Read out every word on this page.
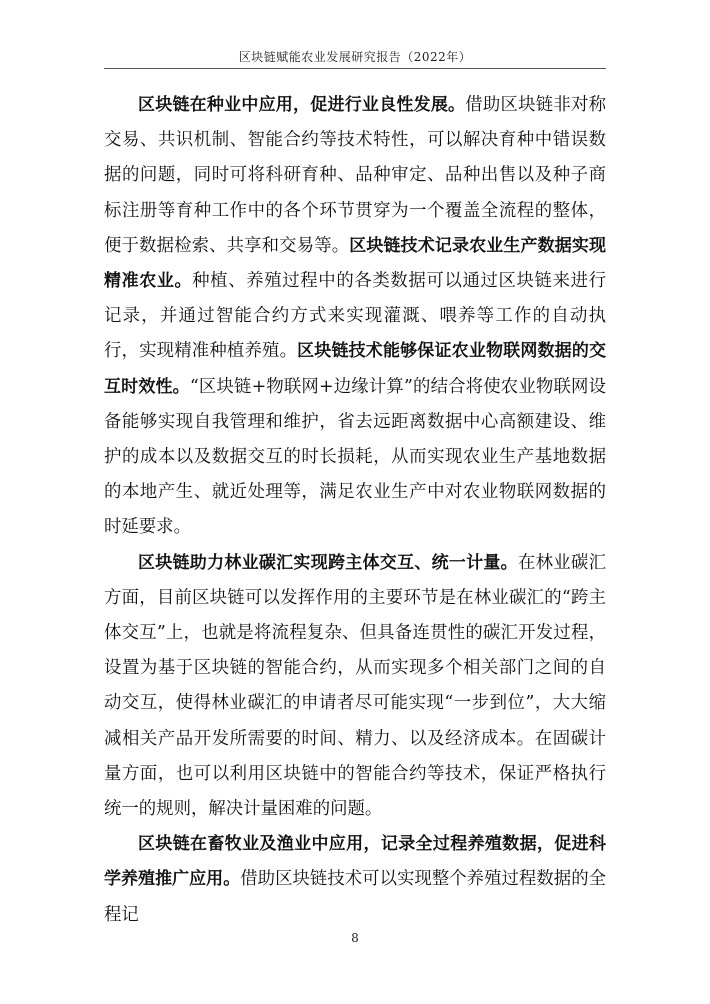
区块链赋能农业发展研究报告（2022年）

区块链在种业中应用，促进行业良性发展。借助区块链非对称交易、共识机制、智能合约等技术特性，可以解决育种中错误数据的问题，同时可将科研育种、品种审定、品种出售以及种子商标注册等育种工作中的各个环节贯穿为一个覆盖全流程的整体，便于数据检索、共享和交易等。区块链技术记录农业生产数据实现精准农业。种植、养殖过程中的各类数据可以通过区块链来进行记录，并通过智能合约方式来实现灌溉、喂养等工作的自动执行，实现精准种植养殖。区块链技术能够保证农业物联网数据的交互时效性。“区块链+物联网+边缘计算”的结合将使农业物联网设备能够实现自我管理和维护，省去远距离数据中心高额建设、维护的成本以及数据交互的时长损耗，从而实现农业生产基地数据的本地产生、就近处理等，满足农业生产中对农业物联网数据的时延要求。

区块链助力林业碳汇实现跨主体交互、统一计量。在林业碳汇方面，目前区块链可以发挥作用的主要环节是在林业碳汇的“跨主体交互”上，也就是将流程复杂、但具备连贯性的碳汇开发过程，设置为基于区块链的智能合约，从而实现多个相关部门之间的自动交互，使得林业碳汇的申请者尽可能实现“一步到位”，大大缩减相关产品开发所需要的时间、精力、以及经济成本。在固碳计量方面，也可以利用区块链中的智能合约等技术，保证严格执行统一的规则，解决计量困难的问题。

区块链在畜牧业及渔业中应用，记录全过程养殖数据，促进科学养殖推广应用。借助区块链技术可以实现整个养殖过程数据的全程记

8
